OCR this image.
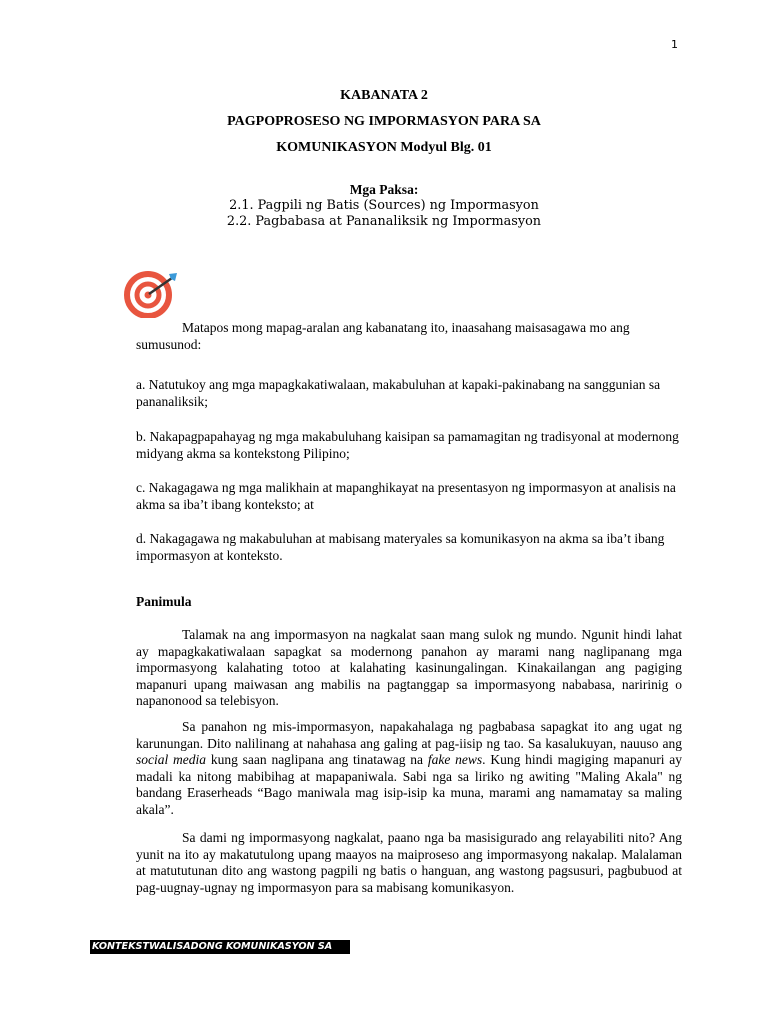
1
KABANATA 2
PAGPOPROSESO NG IMPORMASYON PARA SA
KOMUNIKASYON Modyul Blg. 01
Mga Paksa:
2.1. Pagpili ng Batis (Sources) ng Impormasyon
2.2. Pagbabasa at Pananaliksik ng Impormasyon
Matapos mong mapag-aralan ang kabanatang ito, inaasahang maisasagawa mo ang sumusunod:
a. Natutukoy ang mga mapagkakatiwalaan, makabuluhan at kapaki-pakinabang na sanggunian sa pananaliksik;
b. Nakapagpapahayag ng mga makabuluhang kaisipan sa pamamagitan ng tradisyonal at modernong midyang akma sa kontekstong Pilipino;
c. Nakagagawa ng mga malikhain at mapanghikayat na presentasyon ng impormasyon at analisis na akma sa iba’t ibang konteksto; at
d. Nakagagawa ng makabuluhan at mabisang materyales sa komunikasyon na akma sa iba’t ibang impormasyon at konteksto.
Panimula
Talamak na ang impormasyon na nagkalat saan mang sulok ng mundo. Ngunit hindi lahat ay mapagkakatiwalaan sapagkat sa modernong panahon ay marami nang naglipanang mga impormasyong kalahating totoo at kalahating kasinungalingan. Kinakailangan ang pagiging mapanuri upang maiwasan ang mabilis na pagtanggap sa impormasyong nababasa, naririnig o napanonood sa telebisyon.
Sa panahon ng mis-impormasyon, napakahalaga ng pagbabasa sapagkat ito ang ugat ng karunungan. Dito nalilinang at nahahasa ang galing at pag-iisip ng tao. Sa kasalukuyan, nauuso ang social media kung saan naglipana ang tinatawag na fake news. Kung hindi magiging mapanuri ay madali ka nitong mabibihag at mapapaniwala. Sabi nga sa liriko ng awiting "Maling Akala" ng bandang Eraserheads “Bago maniwala mag isip-isip ka muna, marami ang namamatay sa maling akala”.
Sa dami ng impormasyong nagkalat, paano nga ba masisigurado ang relayabiliti nito? Ang yunit na ito ay makatutulong upang maayos na maiproseso ang impormasyong nakalap. Malalaman at matututunan dito ang wastong pagpili ng batis o hanguan, ang wastong pagsusuri, pagbubuod at pag-uugnay-ugnay ng impormasyon para sa mabisang komunikasyon.
KONTEKSTWALISADONG KOMUNIKASYON SA
